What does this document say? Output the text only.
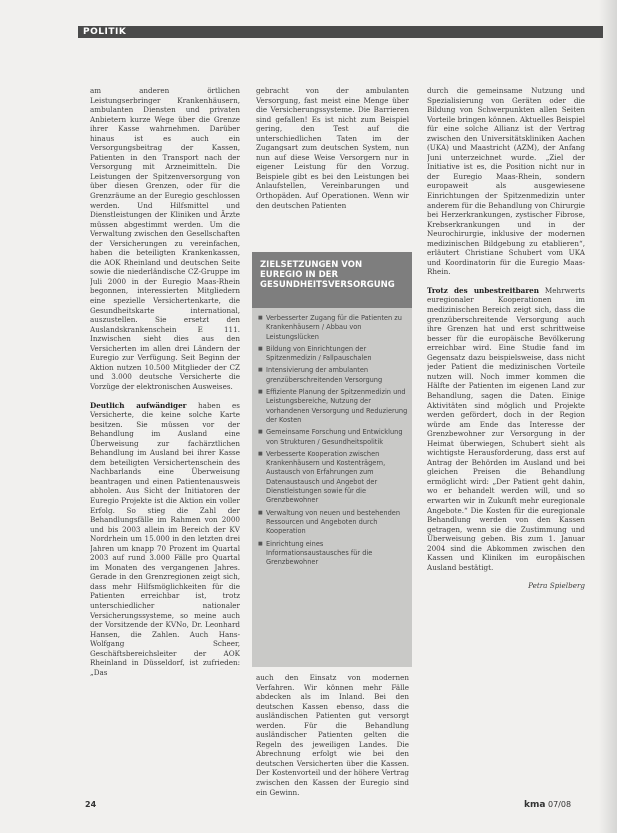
POLITIK

am anderen örtlichen Leistungserbringer Krankenhäusern, ambulanten Diensten und privaten Anbietern kurze Wege über die Grenze ihrer Kasse wahrnehmen. Darüber hinaus ist es auch ein Versorgungsbeitrag der Kassen, Patienten in den Transport nach der Versorgung mit Arzneimitteln. Die Leistungen der Spitzenversorgung von über diesen Grenzen, oder für die Grenzräume an der Euregio geschlossen werden. Und Hilfsmittel und Dienstleistungen der Kliniken und Ärzte müssen abgestimmt werden. Um die Verwaltung zwischen den Gesellschaften der Versicherungen zu vereinfachen, haben die beteiligten Krankenkassen, die AOK Rheinland und deutschen Seite sowie die niederländische CZ-Gruppe im Juli 2000 in der Euregio Maas-Rhein begonnen, interessierten Mitgliedern eine spezielle Versichertenkarte, die Gesundheitskarte international, auszustellen. Sie ersetzt den Auslandskrankenschein E 111. Inzwischen sieht dies aus den Versicherten im allen drei Ländern der Euregio zur Verfügung. Seit Beginn der Aktion nutzen 10.500 Mitglieder der CZ und 3.000 deutsche Versicherte die Vorzüge der elektronischen Ausweises.

Deutlich aufwändiger haben es Versicherte, die keine solche Karte besitzen. Sie müssen vor der Behandlung im Ausland eine Überweisung zur fachärztlichen Behandlung im Ausland bei ihrer Kasse dem beteiligten Versichertenschein des Nachbarlands eine Überweisung beantragen und einen Patientenausweis abholen. Aus Sicht der Initiatoren der Euregio Projekte ist die Aktion ein voller Erfolg. So stieg die Zahl der Behandlungsfälle im Rahmen von 2000 und bis 2003 allein im Bereich der KV Nordrhein um 15.000 in den letzten drei Jahren um knapp 70 Prozent im Quartal 2003 auf rund 3.000 Fälle pro Quartal im Monaten des vergangenen Jahres. Gerade in den Grenzregionen zeigt sich, dass mehr Hilfsmöglichkeiten für die Patienten erreichbar ist, trotz unterschiedlicher nationaler Versicherungssysteme, so meine auch der Vorsitzende der KVNo, Dr. Leonhard Hansen, die Zahlen. Auch Hans-Wolfgang Scheer, Geschäftsbereichsleiter der AOK Rheinland in Düsseldorf, ist zufrieden: „Das

gebracht von der ambulanten Versorgung, fast meist eine Menge über die Versicherungssysteme. Die Barrieren sind gefallen! Es ist nicht zum Beispiel gering, den Test auf die unterschiedlichen Taten im der Zugangsart zum deutschen System, nun nun auf diese Weise Versorgern nur in eigener Leistung für den Vorzug. Beispiele gibt es bei den Leistungen bei Anlaufstellen, Vereinbarungen und Orthopäden. Auf Operationen. Wenn wir den deutschen Patienten

ZIELSETZUNGEN VON EUREGIO IN DER GESUNDHEITSVERSORGUNG
■ Verbesserter Zugang für die Patienten zu Krankenhäusern / Abbau von Leistungslücken
■ Bildung von Einrichtungen der Spitzenmedizin / Fallpauschalen
■ Intensivierung der ambulanten grenzüberschreitenden Versorgung
■ Effiziente Planung der Spitzenmedizin und Leistungsbereiche, Nutzung der vorhandenen Versorgung und Reduzierung der Kosten
■ Gemeinsame Forschung und Entwicklung von Strukturen / Gesundheitspolitik
■ Verbesserte Kooperation zwischen Krankenhäusern und Kostenträgern, Austausch von Erfahrungen zum Datenaustausch und Angebot der Dienstleistungen sowie für die Grenzbewohner
■ Verwaltung von neuen und bestehenden Ressourcen und Angeboten durch Kooperation
■ Einrichtung eines Informationsaustausches für die Grenzbewohner

auch den Einsatz von modernen Verfahren. Wir können mehr Fälle abdecken als im Inland. Bei den deutschen Kassen ebenso, dass die ausländischen Patienten gut versorgt werden. Für die Behandlung ausländischer Patienten gelten die Regeln des jeweiligen Landes. Die Abrechnung erfolgt wie bei den deutschen Versicherten über die Kassen. Der Kostenvorteil und der höhere Vertrag zwischen den Kassen der Euregio sind ein Gewinn.

durch die gemeinsame Nutzung und Spezialisierung von Geräten oder die Bildung von Schwerpunkten allen Seiten Vorteile bringen können. Aktuelles Beispiel für eine solche Allianz ist der Vertrag zwischen den Universitätskliniken Aachen (UKA) und Maastricht (AZM), der Anfang Juni unterzeichnet wurde. „Ziel der Initiative ist es, die Position nicht nur in der Euregio Maas-Rhein, sondern europaweit als ausgewiesene Einrichtungen der Spitzenmedizin unter anderem für die Behandlung von Chirurgie bei Herzerkrankungen, zystischer Fibrose, Krebserkrankungen und in der Neurochirurgie, inklusive der modernen medizinischen Bildgebung zu etablieren“, erläutert Christiane Schubert vom UKA und Koordinatorin für die Euregio Maas-Rhein.

Trotz des unbestreitbaren Mehrwerts euregionaler Kooperationen im medizinischen Bereich zeigt sich, dass die grenzüberschreitende Versorgung auch ihre Grenzen hat und erst schrittweise besser für die europäische Bevölkerung erreichbar wird. Eine Studie fand im Gegensatz dazu beispielsweise, dass nicht jeder Patient die medizinischen Vorteile nutzen will. Noch immer kommen die Hälfte der Patienten im eigenen Land zur Behandlung, sagen die Daten. Einige Aktivitäten sind möglich und Projekte werden gefördert, doch in der Region würde am Ende das Interesse der Grenzbewohner zur Versorgung in der Heimat überwiegen, Schubert sieht als wichtigste Herausforderung, dass erst auf Antrag der Behörden im Ausland und bei gleichen Preisen die Behandlung ermöglicht wird: „Der Patient geht dahin, wo er behandelt werden will, und so erwarten wir in Zukunft mehr euregionale Angebote.“ Die Kosten für die euregionale Behandlung werden von den Kassen getragen, wenn sie die Zustimmung und Überweisung geben. Bis zum 1. Januar 2004 sind die Abkommen zwischen den Kassen und Kliniken im europäischen Ausland bestätigt.

Petra Spielberg

24	kma 07/08
